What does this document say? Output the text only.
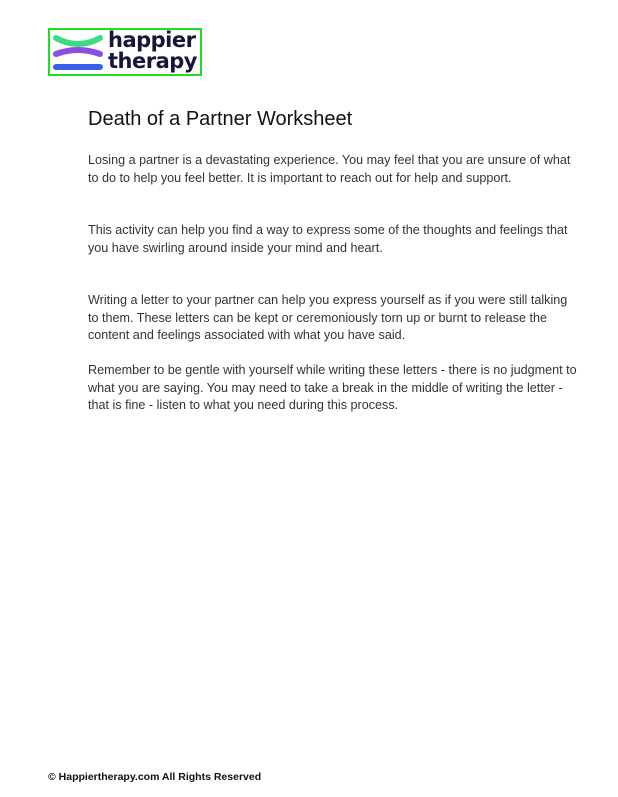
happier
therapy
Death of a Partner Worksheet

Losing a partner is a devastating experience. You may feel that you are unsure of what to do to help you feel better. It is important to reach out for help and support.

This activity can help you find a way to express some of the thoughts and feelings that you have swirling around inside your mind and heart.

Writing a letter to your partner can help you express yourself as if you were still talking to them. These letters can be kept or ceremoniously torn up or burnt to release the content and feelings associated with what you have said.

Remember to be gentle with yourself while writing these letters - there is no judgment to what you are saying. You may need to take a break in the middle of writing the letter - that is fine - listen to what you need during this process.

© Happiertherapy.com All Rights Reserved
